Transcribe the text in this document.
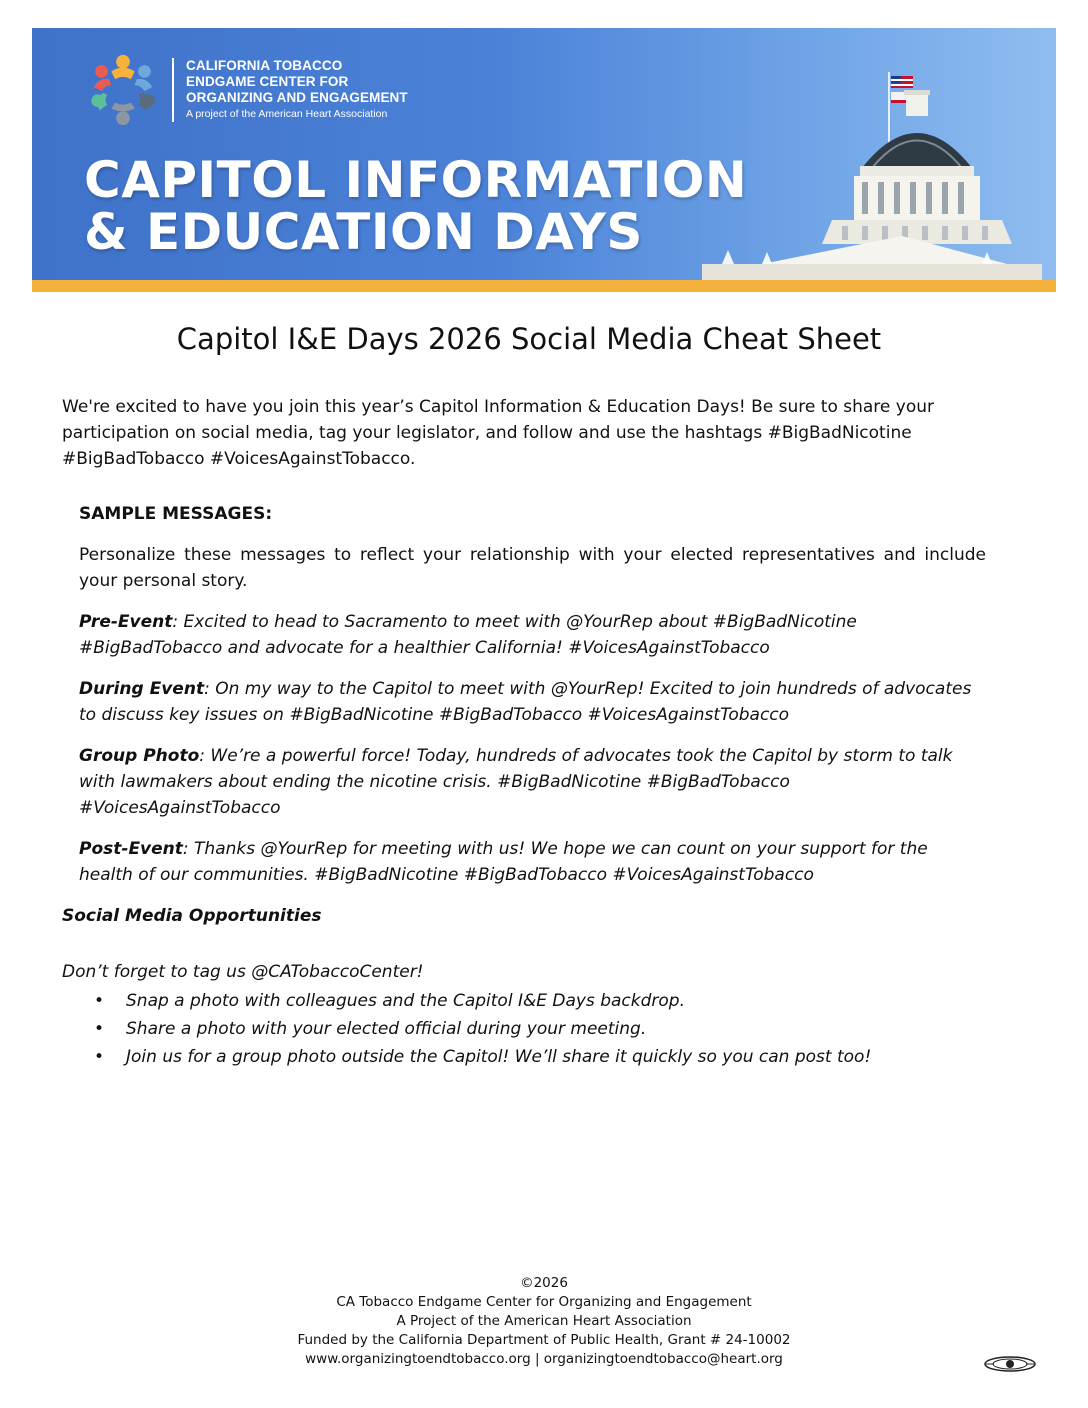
CALIFORNIA TOBACCO
ENDGAME CENTER FOR
ORGANIZING AND ENGAGEMENT
A project of the American Heart Association
CAPITOL INFORMATION
& EDUCATION DAYS
Capitol I&E Days 2026 Social Media Cheat Sheet
We're excited to have you join this year’s Capitol Information & Education Days! Be sure to share your participation on social media, tag your legislator, and follow and use the hashtags #BigBadNicotine #BigBadTobacco #VoicesAgainstTobacco.

SAMPLE MESSAGES:

Personalize these messages to reflect your relationship with your elected representatives and include your personal story.

Pre-Event: Excited to head to Sacramento to meet with @YourRep about #BigBadNicotine #BigBadTobacco and advocate for a healthier California! #VoicesAgainstTobacco

During Event: On my way to the Capitol to meet with @YourRep! Excited to join hundreds of advocates to discuss key issues on #BigBadNicotine #BigBadTobacco #VoicesAgainstTobacco

Group Photo: We’re a powerful force! Today, hundreds of advocates took the Capitol by storm to talk with lawmakers about ending the nicotine crisis. #BigBadNicotine #BigBadTobacco #VoicesAgainstTobacco

Post-Event: Thanks @YourRep for meeting with us! We hope we can count on your support for the health of our communities. #BigBadNicotine #BigBadTobacco #VoicesAgainstTobacco

Social Media Opportunities
Don’t forget to tag us @CATobaccoCenter!
• Snap a photo with colleagues and the Capitol I&E Days backdrop.
• Share a photo with your elected official during your meeting.
• Join us for a group photo outside the Capitol! We’ll share it quickly so you can post too!
©2026
CA Tobacco Endgame Center for Organizing and Engagement
A Project of the American Heart Association
Funded by the California Department of Public Health, Grant # 24-10002
www.organizingtoendtobacco.org | organizingtoendtobacco@heart.org
